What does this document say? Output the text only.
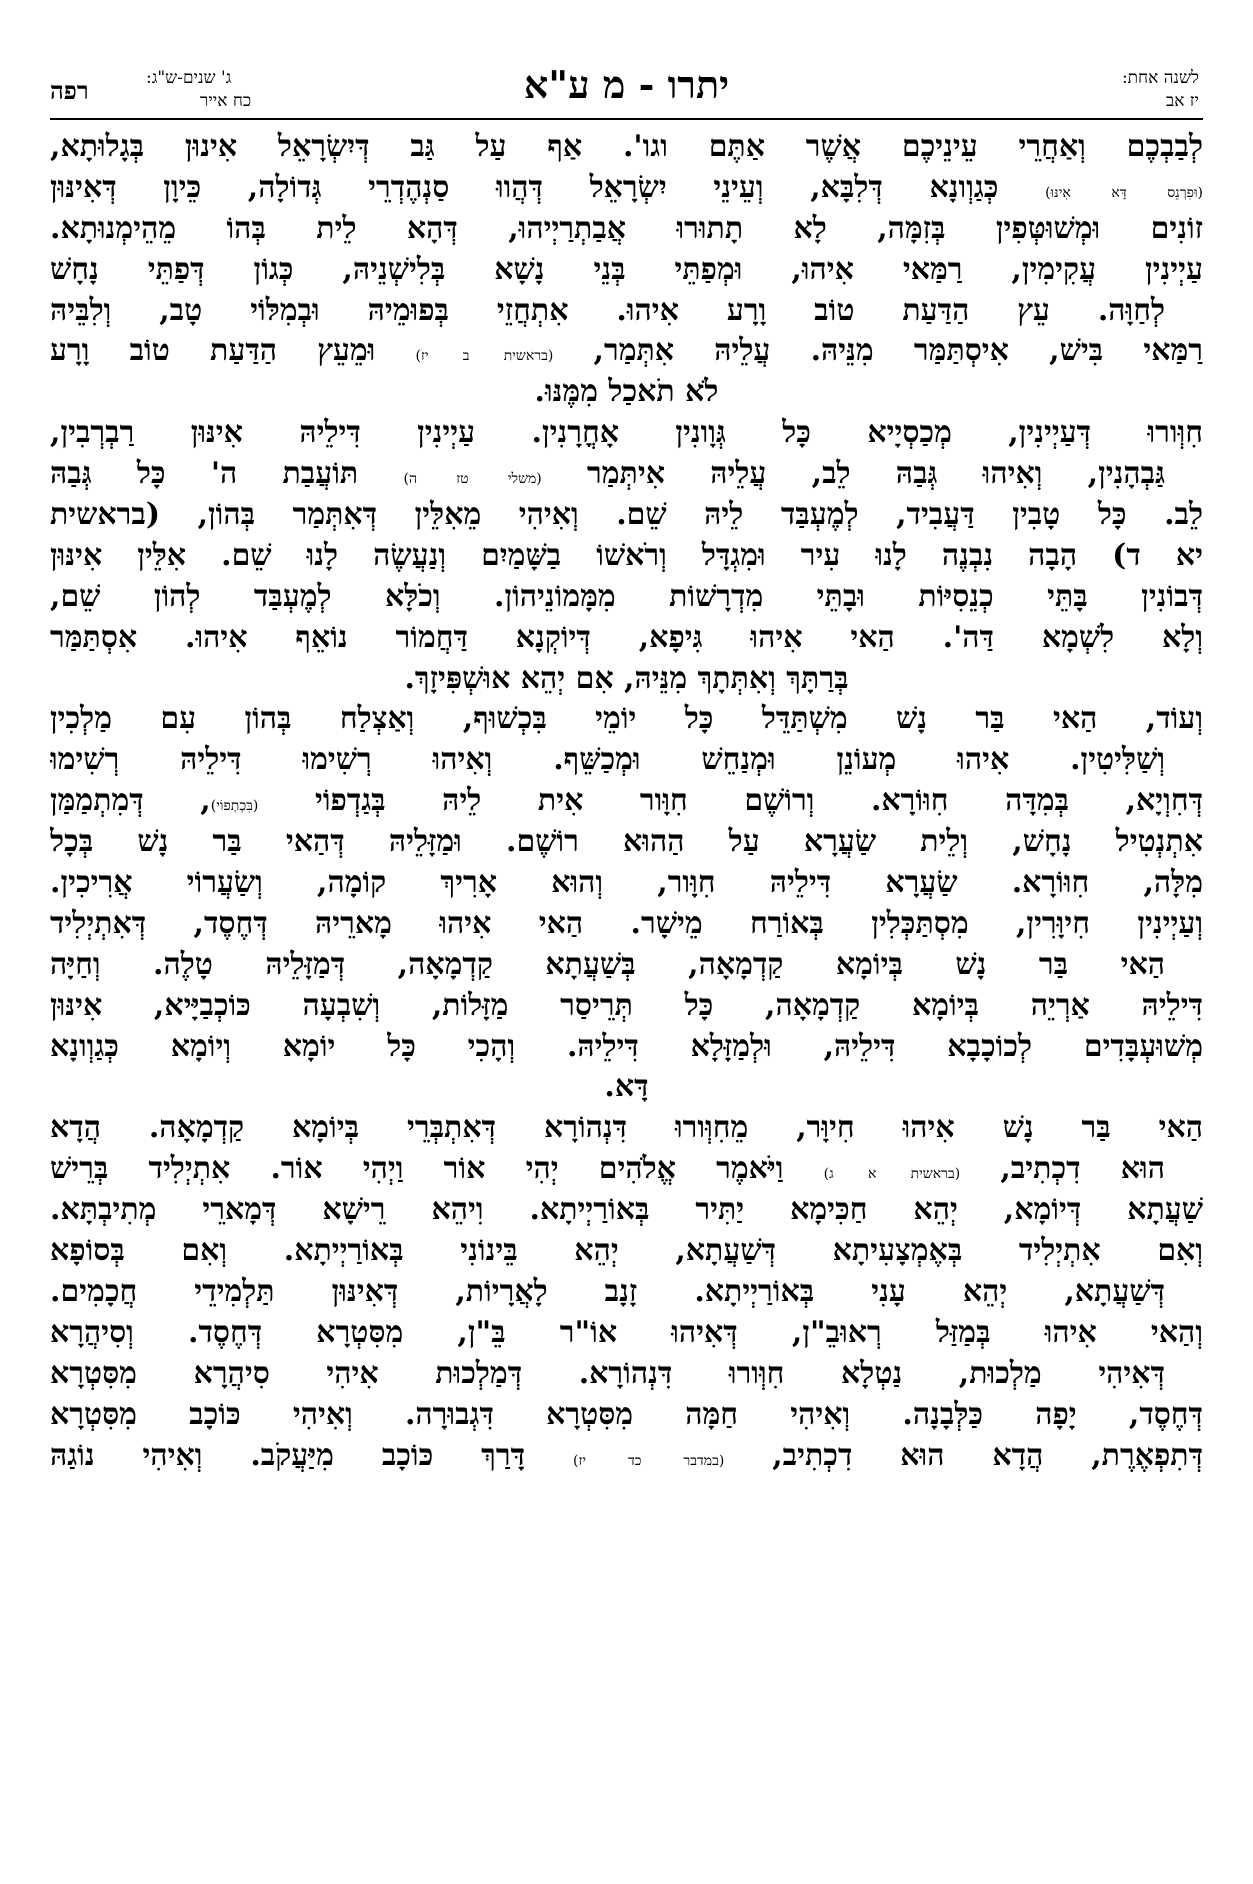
לשנה אחת:
יז אב
יתרו - מ ע"א
ג' שנים-ש"ג:
כח אייר
רפה
לְבַבְכֶם וְאַחֲרֵי עֵינֵיכֶם אֲשֶׁר אַתֶּם וגו'. אַף עַל גַּב דְּיִשְׂרָאֵל אִינוּן בְּגָלוּתָא,
(וּפִרְנֵס דָּא אִינּוּ) כְּגַוְונָא דְּלִבָּא, וְעֵינֵי יִשְׂרָאֵל דְּהֲווּ סַנְהֶדְרֵי גְּדוֹלָה, כֵּיוָן דְּאִינּוּן
זוֹנִים וּמְשׁוּטְּפִין בְּזִמָּה, לָא תָתוּרוּ אֲבַתְרַיְיהוּ, דְּהָא לֵית בְּהוֹ מֵהֵימְנוּתָא.
עַיְינִין עֲקִימִין, רַמַּאי אִיהוּ, וּמְפַתֵּי בְּנֵי נָשָׁא בְּלִישְׁנֵיהּ, כְּגוֹן דְּפַתֵּי נָחָשׁ
לְחַוָּה. עֵץ הַדַּעַת טוֹב וָרָע אִיהוּ. אִתְחֲזֵי בְּפוּמֵיהּ וּבְמִלּוֹי טָב, וְלִבֵּיהּ
רַמַּאי בִּישׁ, אִיסְתַּמַּר מִנֵּיהּ. עֲלֵיהּ אִתְּמַר, (בראשית ב יז) וּמֵעֵץ הַדַּעַת טוֹב וָרָע
לֹא תֹאכַל מִמֶּנּוּ.
חִוְּורוּ דְּעַיְינִין, מְכַסְיָיא כָּל גְּוָונִין אָחֳרָנִין. עַיְינִין דִּילֵיהּ אִינּוּן רַבְרְבִין,
גַּבְהָנִין, וְאִיהוּ גְּבַהּ לֵב, עֲלֵיהּ אִיתְּמַר (משלי טז ה) תּוֹעֲבַת ה' כָּל גְּבַהּ
לֵב. כָּל טָבִין דַּעֲבִיד, לְמֶעְבַּד לֵיהּ שֵׁם. וְאִיהִי מֵאִלֵּין דְּאִתְּמַר בְּהוֹן, (בראשית
יא ד) הָבָה נִבְנֶה לָנוּ עִיר וּמִגְדָּל וְרֹאשׁוֹ בַשָּׁמַיִם וְנַעֲשֶׂה לָנוּ שֵׁם. אִלֵּין אִינּוּן
דְּבוֹנִין בָּתֵּי כְנֵסִיּוֹת וּבָתֵּי מִדְרָשׁוֹת מִמָּמוֹנֵיהוֹן. וְכֹלָּא לְמֶעְבַּד לְהוֹן שֵׁם,
וְלָא לִשְׁמָא דַּה'. הַאי אִיהוּ גִּיפָא, דְּיוֹקְנָא דַּחֲמוֹר נוֹאֵף אִיהוּ. אִסְתַּמַּר
בְּרַתָּךְ וְאִתְּתָךְ מִנֵּיהּ, אִם יְהֵא אוּשְׁפִּיזָךְ.
וְעוֹד, הַאי בַּר נָשׁ מִשְׁתַּדֵּל כָּל יוֹמֵי בִּכְשׁוּף, וְאַצְלַח בְּהוֹן עִם מַלְכִין
וְשַׁלִּיטִין. אִיהוּ מְעוֹנֵן וּמְנַחֵשׁ וּמְכַשֵּׁף. וְאִיהוּ רְשִׁימוּ דִּילֵיהּ רְשִׁימוּ
דְּחִוְיָא, בְּמִדָּה חִוּוֹרָא. וְרוֹשֶׁם חִוָּור אִית לֵיהּ בְּגַדְפוֹי (בִּכְתְפוֹי), דְּמִתְמַמַּן
אִתְנְטִיל נָחָשׁ, וְלֵית שַׂעֲרָא עַל הַהוּא רוֹשֶׁם. וּמַזָּלֵיהּ דְּהַאי בַּר נָשׁ בְּכָל
מִלָּה, חִוּוֹרָא. שַׂעֲרָא דִּילֵיהּ חִוָּור, וְהוּא אָרִיךְ קוֹמָה, וְשַׂעֲרוֹי אֲרִיכִין.
וְעַיְינִין חִיוָּרִין, מִסְתַּכְּלִין בְּאוֹרַח מֵישָׁר. הַאי אִיהוּ מָארֵיהּ דְּחֶסֶד, דְּאִתְיְלִיד
הַאי בַּר נָשׁ בְּיוֹמָא קַדְמָאָה, בְּשַׁעֲתָא קַדְמָאָה, דְּמַזָּלֵיהּ טָלֶה. וְחַיָּה
דִּילֵיהּ אַרְיֵה בְּיוֹמָא קַדְמָאָה, כָּל תְּרֵיסַר מַזָּלוֹת, וְשִׁבְעָה כּוֹכְבַיָּיא, אִינּוּן
מְשׁוּעְבָּדִים לְכוֹכָבָא דִּילֵיהּ, וּלְמַזָּלָא דִּילֵיהּ. וְהָכִי כָּל יוֹמָא וְיוֹמָא כְּגַוְונָא
דָּא.
הַאי בַּר נָשׁ אִיהוּ חִיוָּר, מֵחִוְּורוּ דִּנְהוֹרָא דְּאִתְבְּרֵי בְּיוֹמָא קַדְמָאָה. הֲדָא
הוּא דִכְתִיב, (בראשית א ג) וַיֹּאמֶר אֱלֹהִים יְהִי אוֹר וַיְהִי אוֹר. אִתְיְלִיד בְּרֵישׁ
שַׁעֲתָא דְּיוֹמָא, יְהֵא חַכִּימָא יַתִּיר בְּאוֹרַיְיתָא. וִיהֵא רֵישָׁא דְּמָארֵי מְתִיבְתָּא.
וְאִם אִתְיְלִיד בְּאֶמְצָעִיתָא דְּשַׁעֲתָא, יְהֵא בֵּינוֹנִי בְּאוֹרַיְיתָא. וְאִם בְּסוֹפָא
דְּשַׁעֲתָא, יְהֵא עָנִי בְּאוֹרַיְיתָא. זָנָב לָאֲרָיוֹת, דְּאִינּוּן תַּלְמִידֵי חֲכָמִים.
וְהַאי אִיהוּ בְּמַזַּל רְאוּבֵ"ן, דְּאִיהוּ אוֹ"ר בֵּ"ן, מִסִּטְרָא דְּחֶסֶד. וְסִיהֲרָא
דְּאִיהִי מַלְכוּת, נַטְלָא חִוְּורוּ דִּנְהוֹרָא. דְּמַלְכוּת אִיהִי סִיהֲרָא מִסִּטְרָא
דְּחֶסֶד, יָפָה כַּלְּבָנָה. וְאִיהִי חַמָּה מִסִּטְרָא דִּגְבוּרָה. וְאִיהִי כּוֹכָב מִסִּטְרָא
דְּתִפְאֶרֶת, הֲדָא הוּא דִכְתִיב, (במדבר כד יז) דָּרַךְ כּוֹכָב מִיַּעֲקֹב. וְאִיהִי נוֹגַהּ
